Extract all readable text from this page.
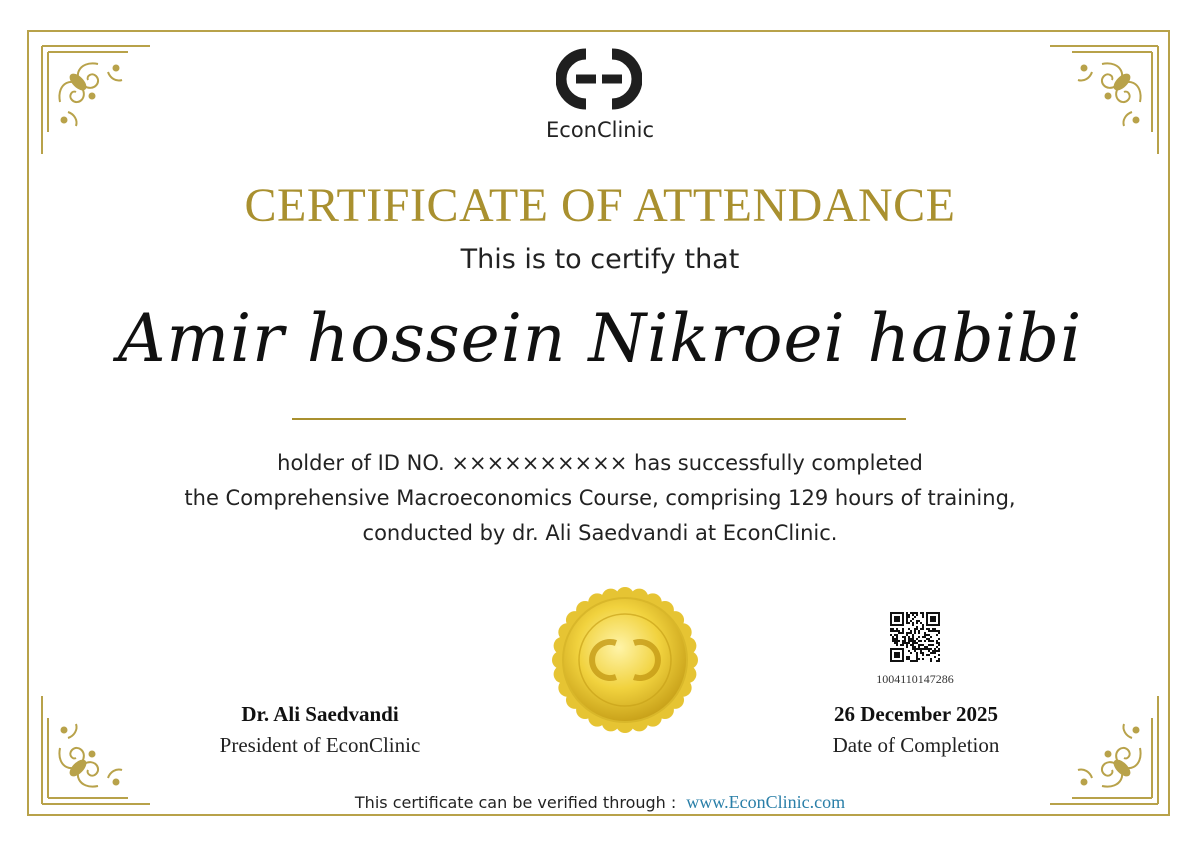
EconClinic
CERTIFICATE OF ATTENDANCE
This is to certify that
Amir hossein Nikroei habibi
holder of ID NO. ×××××××××× has successfully completed
the Comprehensive Macroeconomics Course, comprising 129 hours of training,
conducted by dr. Ali Saedvandi at EconClinic.
1004110147286
Dr. Ali Saedvandi
President of EconClinic
26 December 2025
Date of Completion
This certificate can be verified through : www.EconClinic.com
